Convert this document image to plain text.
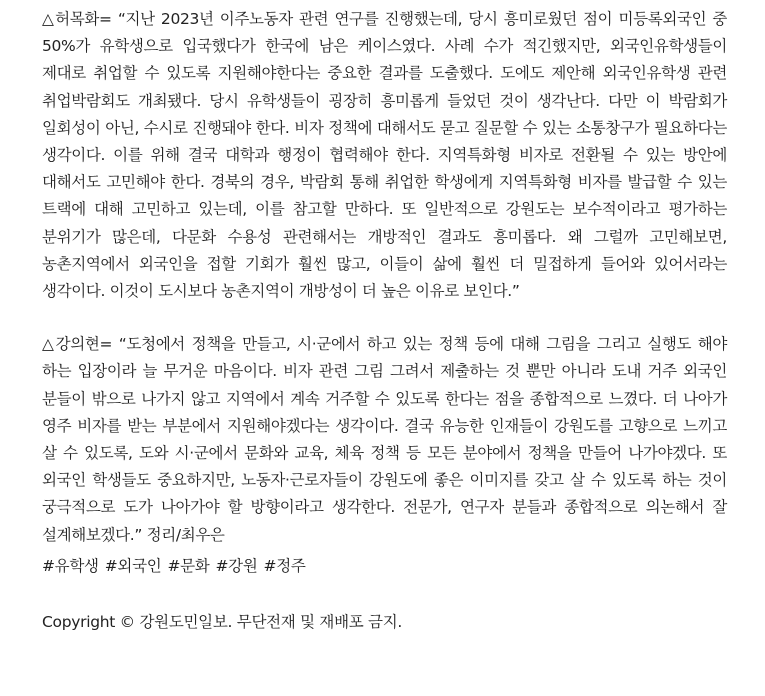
△허목화= “지난 2023년 이주노동자 관련 연구를 진행했는데, 당시 흥미로웠던 점이 미등록외국인 중 50%가 유학생으로 입국했다가 한국에 남은 케이스였다. 사례 수가 적긴했지만, 외국인유학생들이 제대로 취업할 수 있도록 지원해야한다는 중요한 결과를 도출했다. 도에도 제안해 외국인유학생 관련 취업박람회도 개최됐다. 당시 유학생들이 굉장히 흥미롭게 들었던 것이 생각난다. 다만 이 박람회가 일회성이 아닌, 수시로 진행돼야 한다. 비자 정책에 대해서도 묻고 질문할 수 있는 소통창구가 필요하다는 생각이다. 이를 위해 결국 대학과 행정이 협력해야 한다. 지역특화형 비자로 전환될 수 있는 방안에 대해서도 고민해야 한다. 경북의 경우, 박람회 통해 취업한 학생에게 지역특화형 비자를 발급할 수 있는 트랙에 대해 고민하고 있는데, 이를 참고할 만하다. 또 일반적으로 강원도는 보수적이라고 평가하는 분위기가 많은데, 다문화 수용성 관련해서는 개방적인 결과도 흥미롭다. 왜 그럴까 고민해보면, 농촌지역에서 외국인을 접할 기회가 훨씬 많고, 이들이 삶에 훨씬 더 밀접하게 들어와 있어서라는 생각이다. 이것이 도시보다 농촌지역이 개방성이 더 높은 이유로 보인다.”

△강의현= “도청에서 정책을 만들고, 시·군에서 하고 있는 정책 등에 대해 그림을 그리고 실행도 해야 하는 입장이라 늘 무거운 마음이다. 비자 관련 그림 그려서 제출하는 것 뿐만 아니라 도내 거주 외국인 분들이 밖으로 나가지 않고 지역에서 계속 거주할 수 있도록 한다는 점을 종합적으로 느꼈다. 더 나아가 영주 비자를 받는 부분에서 지원해야겠다는 생각이다. 결국 유능한 인재들이 강원도를 고향으로 느끼고 살 수 있도록, 도와 시·군에서 문화와 교육, 체육 정책 등 모든 분야에서 정책을 만들어 나가야겠다. 또 외국인 학생들도 중요하지만, 노동자·근로자들이 강원도에 좋은 이미지를 갖고 살 수 있도록 하는 것이 궁극적으로 도가 나아가야 할 방향이라고 생각한다. 전문가, 연구자 분들과 종합적으로 의논해서 잘 설계해보겠다.” 정리/최우은

#유학생 #외국인 #문화 #강원 #정주
Copyright © 강원도민일보. 무단전재 및 재배포 금지.
